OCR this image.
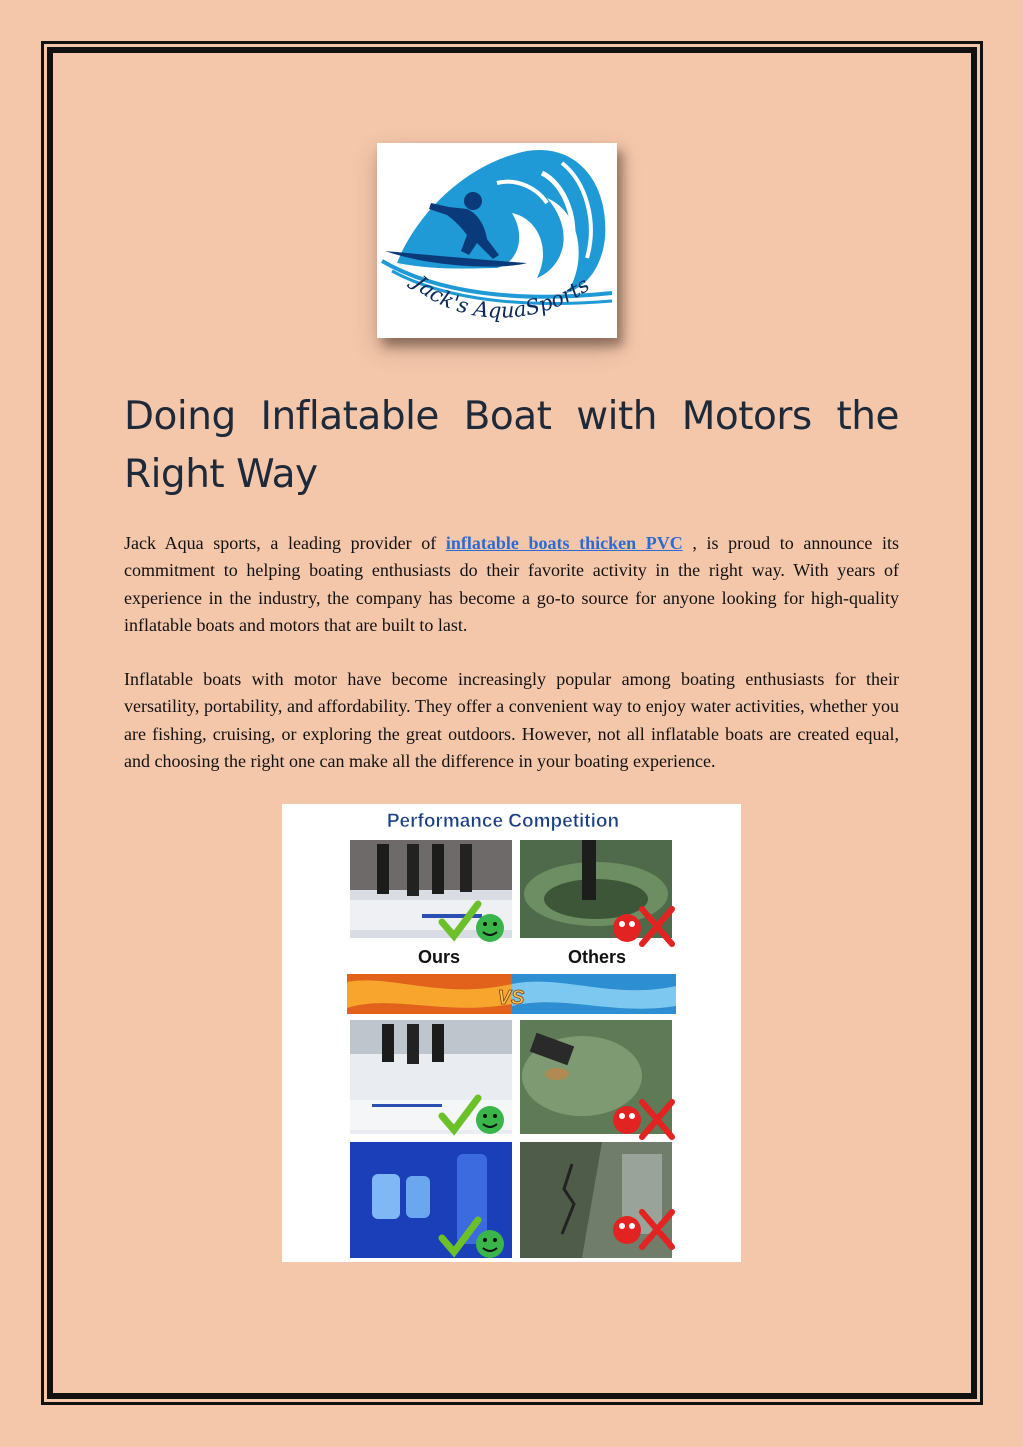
Jack's AquaSports
Doing Inflatable Boat with Motors the Right Way

Jack Aqua sports, a leading provider of inflatable boats thicken PVC , is proud to announce its commitment to helping boating enthusiasts do their favorite activity in the right way. With years of experience in the industry, the company has become a go-to source for anyone looking for high-quality inflatable boats and motors that are built to last.

Inflatable boats with motor have become increasingly popular among boating enthusiasts for their versatility, portability, and affordability. They offer a convenient way to enjoy water activities, whether you are fishing, cruising, or exploring the great outdoors. However, not all inflatable boats are created equal, and choosing the right one can make all the difference in your boating experience.

Performance Competition
Ours	Others
VS
